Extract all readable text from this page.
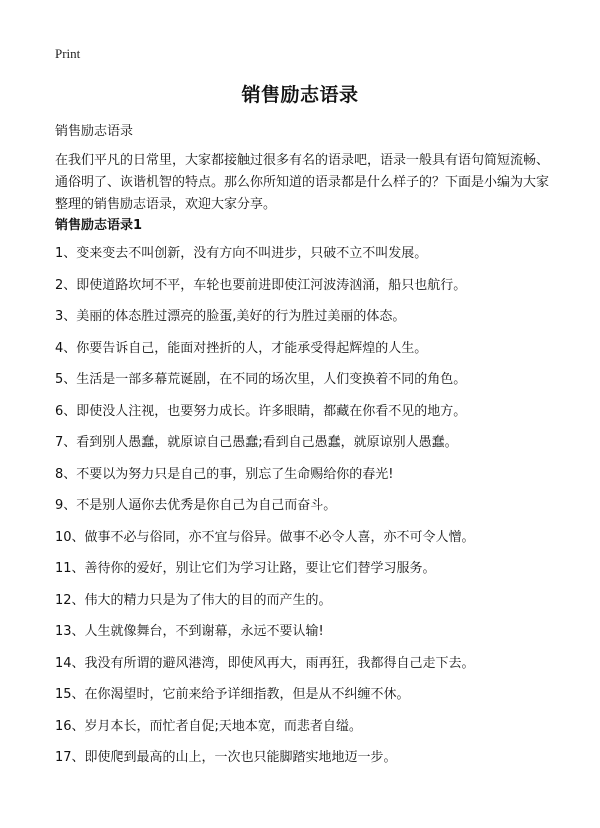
Print
销售励志语录
销售励志语录

在我们平凡的日常里，大家都接触过很多有名的语录吧，语录一般具有语句简短流畅、通俗明了、诙谐机智的特点。那么你所知道的语录都是什么样子的？下面是小编为大家整理的销售励志语录，欢迎大家分享。

销售励志语录1
1、变来变去不叫创新，没有方向不叫进步，只破不立不叫发展。
2、即使道路坎坷不平，车轮也要前进即使江河波涛汹涌，船只也航行。
3、美丽的体态胜过漂亮的脸蛋,美好的行为胜过美丽的体态。
4、你要告诉自己，能面对挫折的人，才能承受得起辉煌的人生。
5、生活是一部多幕荒诞剧，在不同的场次里，人们变换着不同的角色。
6、即使没人注视，也要努力成长。许多眼睛，都藏在你看不见的地方。
7、看到别人愚蠢，就原谅自己愚蠢;看到自己愚蠢，就原谅别人愚蠢。
8、不要以为努力只是自己的事，别忘了生命赐给你的春光!
9、不是别人逼你去优秀是你自己为自己而奋斗。
10、做事不必与俗同，亦不宜与俗异。做事不必令人喜，亦不可令人憎。
11、善待你的爱好，别让它们为学习让路，要让它们替学习服务。
12、伟大的精力只是为了伟大的目的而产生的。
13、人生就像舞台，不到谢幕，永远不要认输!
14、我没有所谓的避风港湾，即使风再大，雨再狂，我都得自己走下去。
15、在你渴望时，它前来给予详细指教，但是从不纠缠不休。
16、岁月本长，而忙者自促;天地本宽，而悲者自缢。
17、即使爬到最高的山上，一次也只能脚踏实地地迈一步。
